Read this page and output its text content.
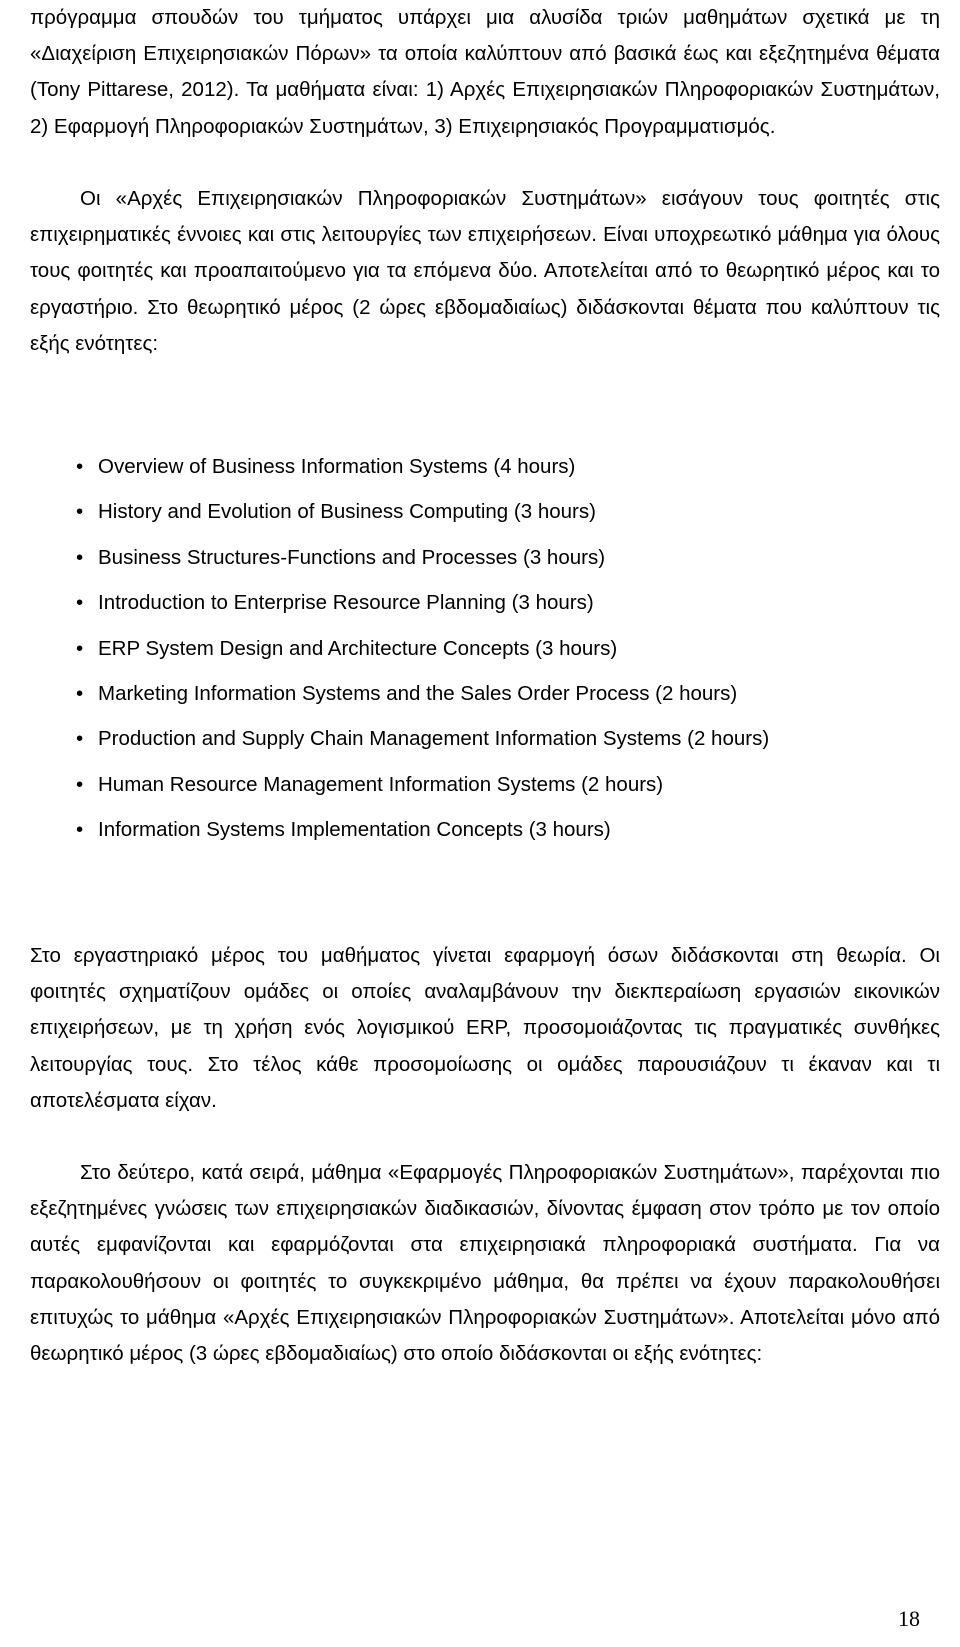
πρόγραμμα σπουδών του τμήματος υπάρχει μια αλυσίδα τριών μαθημάτων σχετικά με τη «Διαχείριση Επιχειρησιακών Πόρων» τα οποία καλύπτουν από βασικά έως και εξεζητημένα θέματα (Tony Pittarese, 2012). Τα μαθήματα είναι: 1) Αρχές Επιχειρησιακών Πληροφοριακών Συστημάτων, 2) Εφαρμογή Πληροφοριακών Συστημάτων, 3) Επιχειρησιακός Προγραμματισμός.

Οι «Αρχές Επιχειρησιακών Πληροφοριακών Συστημάτων» εισάγουν τους φοιτητές στις επιχειρηματικές έννοιες και στις λειτουργίες των επιχειρήσεων. Είναι υποχρεωτικό μάθημα για όλους τους φοιτητές και προαπαιτούμενο για τα επόμενα δύο. Αποτελείται από το θεωρητικό μέρος και το εργαστήριο. Στο θεωρητικό μέρος (2 ώρες εβδομαδιαίως) διδάσκονται θέματα που καλύπτουν τις εξής ενότητες:

• Overview of Business Information Systems (4 hours)
• History and Evolution of Business Computing (3 hours)
• Business Structures-Functions and Processes (3 hours)
• Introduction to Enterprise Resource Planning (3 hours)
• ERP System Design and Architecture Concepts (3 hours)
• Marketing Information Systems and the Sales Order Process (2 hours)
• Production and Supply Chain Management Information Systems (2 hours)
• Human Resource Management Information Systems (2 hours)
• Information Systems Implementation Concepts (3 hours)

Στο εργαστηριακό μέρος του μαθήματος γίνεται εφαρμογή όσων διδάσκονται στη θεωρία. Οι φοιτητές σχηματίζουν ομάδες οι οποίες αναλαμβάνουν την διεκπεραίωση εργασιών εικονικών επιχειρήσεων, με τη χρήση ενός λογισμικού ERP, προσομοιάζοντας τις πραγματικές συνθήκες λειτουργίας τους. Στο τέλος κάθε προσομοίωσης οι ομάδες παρουσιάζουν τι έκαναν και τι αποτελέσματα είχαν.

Στο δεύτερο, κατά σειρά, μάθημα «Εφαρμογές Πληροφοριακών Συστημάτων», παρέχονται πιο εξεζητημένες γνώσεις των επιχειρησιακών διαδικασιών, δίνοντας έμφαση στον τρόπο με τον οποίο αυτές εμφανίζονται και εφαρμόζονται στα επιχειρησιακά πληροφοριακά συστήματα. Για να παρακολουθήσουν οι φοιτητές το συγκεκριμένο μάθημα, θα πρέπει να έχουν παρακολουθήσει επιτυχώς το μάθημα «Αρχές Επιχειρησιακών Πληροφοριακών Συστημάτων». Αποτελείται μόνο από θεωρητικό μέρος (3 ώρες εβδομαδιαίως) στο οποίο διδάσκονται οι εξής ενότητες:

18
